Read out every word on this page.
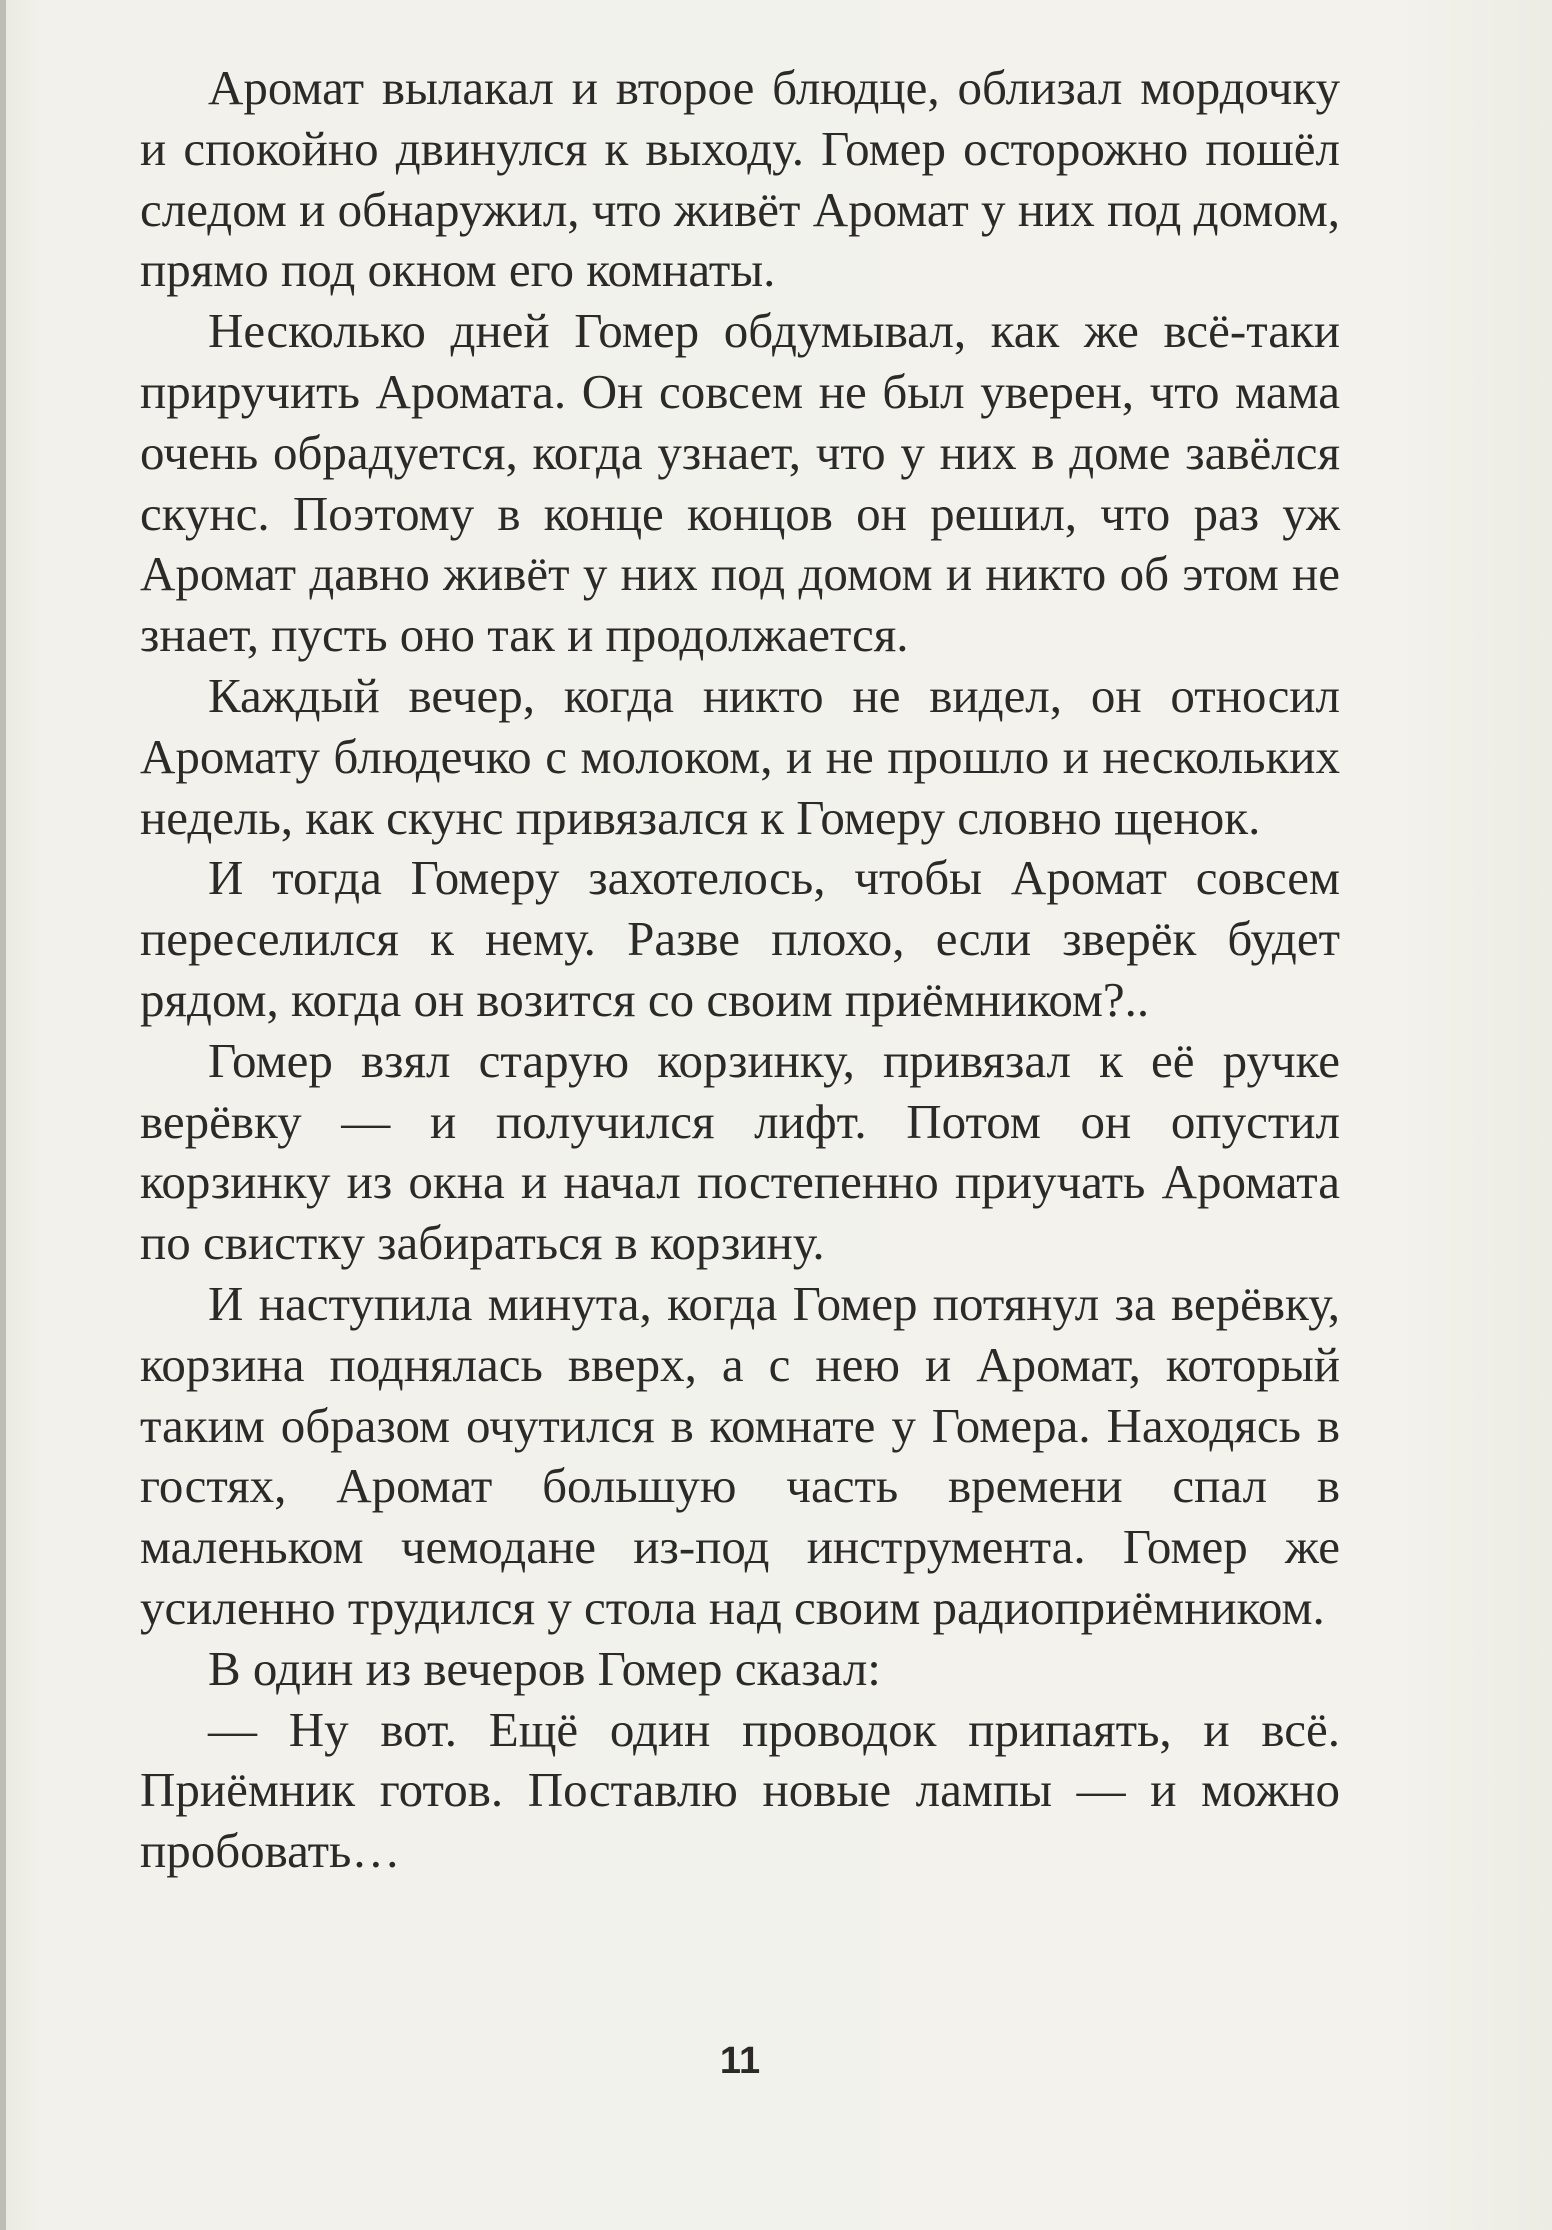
Аромат вылакал и второе блюдце, облизал мордочку и спокойно двинулся к выходу. Гомер осторожно пошёл следом и обнаружил, что живёт Аромат у них под домом, прямо под окном его комнаты.

Несколько дней Гомер обдумывал, как же всё-таки приручить Аромата. Он совсем не был уверен, что мама очень обрадуется, когда узнает, что у них в доме завёлся скунс. Поэтому в конце концов он решил, что раз уж Аромат давно живёт у них под домом и никто об этом не знает, пусть оно так и продолжается.

Каждый вечер, когда никто не видел, он относил Аромату блюдечко с молоком, и не прошло и нескольких недель, как скунс привязался к Гомеру словно щенок.

И тогда Гомеру захотелось, чтобы Аромат совсем переселился к нему. Разве плохо, если зверёк будет рядом, когда он возится со своим приёмником?..

Гомер взял старую корзинку, привязал к её ручке верёвку — и получился лифт. Потом он опустил корзинку из окна и начал постепенно приучать Аромата по свистку забираться в корзину.

И наступила минута, когда Гомер потянул за верёвку, корзина поднялась вверх, а с нею и Аромат, который таким образом очутился в комнате у Гомера. Находясь в гостях, Аромат большую часть времени спал в маленьком чемодане из-под инструмента. Гомер же усиленно трудился у стола над своим радиоприёмником.

В один из вечеров Гомер сказал:

— Ну вот. Ещё один проводок припаять, и всё. Приёмник готов. Поставлю новые лампы — и можно пробовать…

11
